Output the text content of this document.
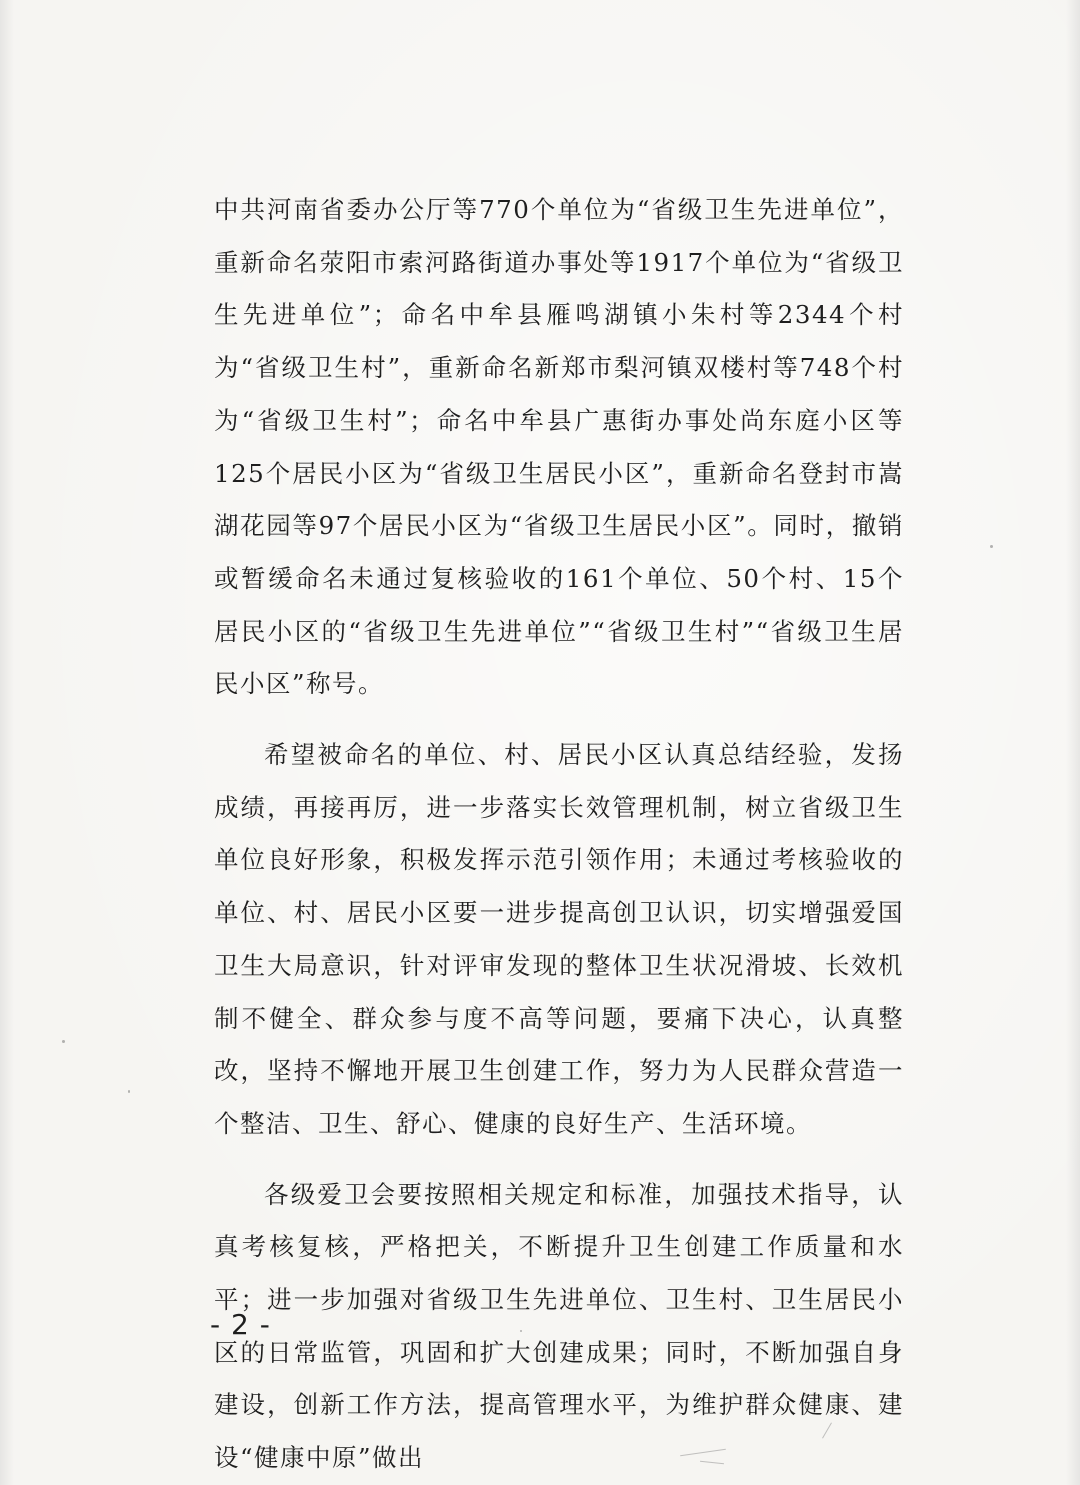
中共河南省委办公厅等770个单位为“省级卫生先进单位”，重新命名荥阳市索河路街道办事处等1917个单位为“省级卫生先进单位”；命名中牟县雁鸣湖镇小朱村等2344个村为“省级卫生村”，重新命名新郑市梨河镇双楼村等748个村为“省级卫生村”；命名中牟县广惠街办事处尚东庭小区等125个居民小区为“省级卫生居民小区”，重新命名登封市嵩湖花园等97个居民小区为“省级卫生居民小区”。同时，撤销或暂缓命名未通过复核验收的161个单位、50个村、15个居民小区的“省级卫生先进单位”“省级卫生村”“省级卫生居民小区”称号。

希望被命名的单位、村、居民小区认真总结经验，发扬成绩，再接再厉，进一步落实长效管理机制，树立省级卫生单位良好形象，积极发挥示范引领作用；未通过考核验收的单位、村、居民小区要一进步提高创卫认识，切实增强爱国卫生大局意识，针对评审发现的整体卫生状况滑坡、长效机制不健全、群众参与度不高等问题，要痛下决心，认真整改，坚持不懈地开展卫生创建工作，努力为人民群众营造一个整洁、卫生、舒心、健康的良好生产、生活环境。

各级爱卫会要按照相关规定和标准，加强技术指导，认真考核复核，严格把关，不断提升卫生创建工作质量和水平；进一步加强对省级卫生先进单位、卫生村、卫生居民小区的日常监管，巩固和扩大创建成果；同时，不断加强自身建设，创新工作方法，提高管理水平，为维护群众健康、建设“健康中原”做出

- 2 -
